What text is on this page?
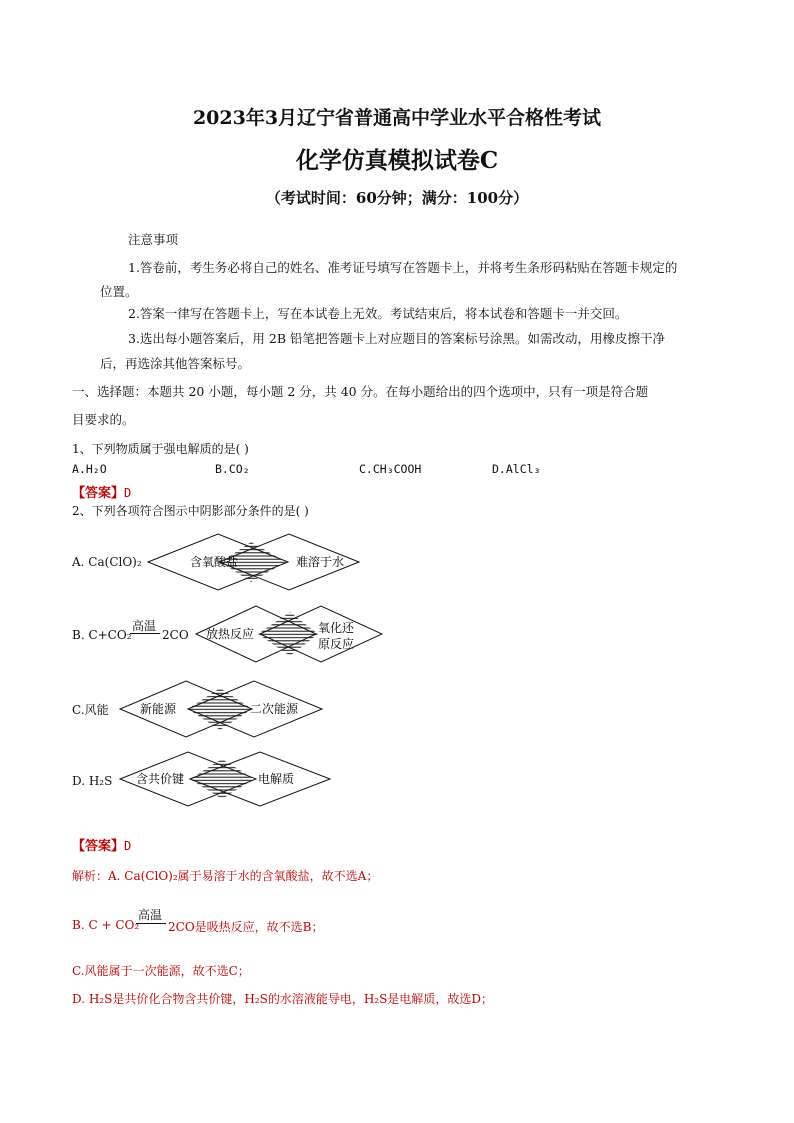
2023年3月辽宁省普通高中学业水平合格性考试
化学仿真模拟试卷C
（考试时间：60分钟；满分：100分）
注意事项
1.答卷前，考生务必将自己的姓名、准考证号填写在答题卡上，并将考生条形码粘贴在答题卡规定的
位置。
2.答案一律写在答题卡上，写在本试卷上无效。考试结束后，将本试卷和答题卡一并交回。
3.选出每小题答案后，用 2B 铅笔把答题卡上对应题目的答案标号涂黑。如需改动，用橡皮擦干净
后，再选涂其他答案标号。
一、选择题：本题共 20 小题，每小题 2 分，共 40 分。在每小题给出的四个选项中，只有一项是符合题
目要求的。
1、下列物质属于强电解质的是( )
A.H₂O	B.CO₂	C.CH₃COOH	D.AlCl₃
【答案】D
2、下列各项符合图示中阴影部分条件的是( )
A. Ca(ClO)₂	含氧酸盐	难溶于水
B. C+CO₂
高温
2CO 放热反应	氧化还
原反应
C.风能	新能源	二次能源
D. H₂S 含共价键	电解质
【答案】D
解析：A. Ca(ClO)₂属于易溶于水的含氧酸盐，故不选A；
B. C + CO₂
高温
2CO是吸热反应，故不选B；
C.风能属于一次能源，故不选C；
D. H₂S是共价化合物含共价键，H₂S的水溶液能导电，H₂S是电解质，故选D；
